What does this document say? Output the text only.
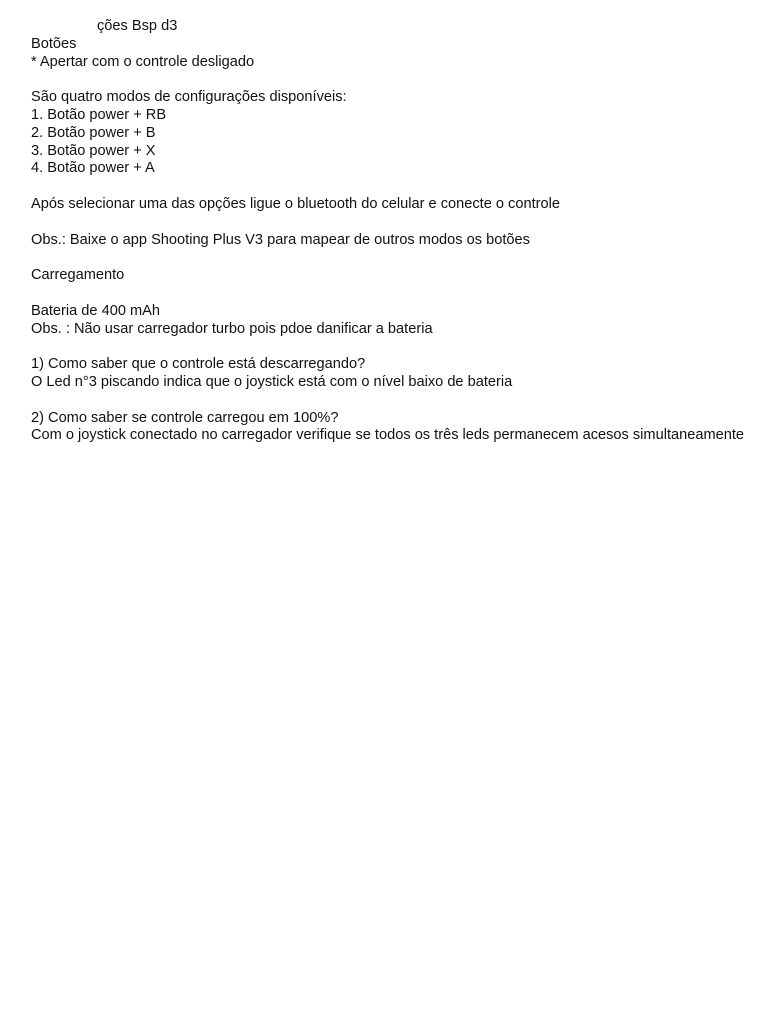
ções Bsp d3
Botões
* Apertar com o controle desligado
São quatro modos de configurações disponíveis:
1. Botão power + RB
2. Botão power + B
3. Botão power + X
4. Botão power + A
Após selecionar uma das opções ligue o bluetooth do celular e conecte o controle
Obs.: Baixe o app Shooting Plus V3 para mapear de outros modos os botões
Carregamento
Bateria de 400 mAh
Obs. : Não usar carregador turbo pois pdoe danificar a bateria
1) Como saber que o controle está descarregando?
O Led n°3 piscando indica que o joystick está com o nível baixo de bateria
2) Como saber se controle carregou em 100%?
Com o joystick conectado no carregador verifique se todos os três leds permanecem acesos simultaneamente
